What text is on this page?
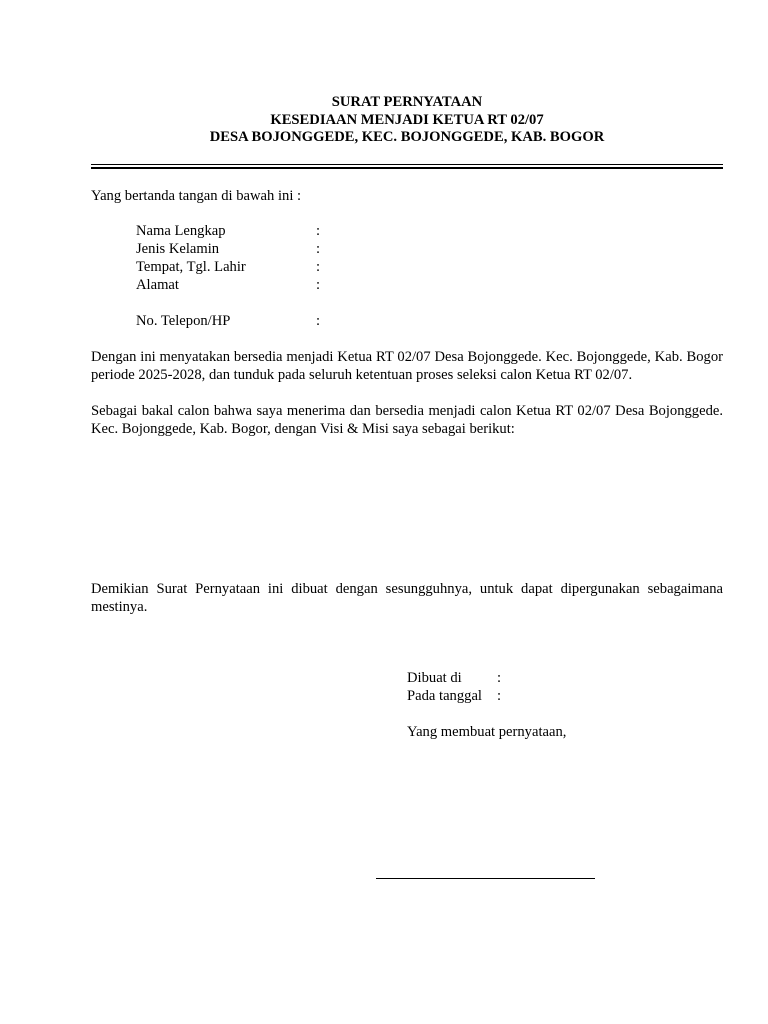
SURAT PERNYATAAN
KESEDIAAN MENJADI KETUA RT 02/07
DESA BOJONGGEDE, KEC. BOJONGGEDE, KAB. BOGOR
Yang bertanda tangan di bawah ini :
Nama Lengkap	:
Jenis Kelamin	:
Tempat, Tgl. Lahir	:
Alamat	:
No. Telepon/HP	:
Dengan ini menyatakan bersedia menjadi Ketua RT 02/07 Desa Bojonggede. Kec. Bojonggede, Kab. Bogor periode 2025-2028, dan tunduk pada seluruh ketentuan proses seleksi calon Ketua RT 02/07.
Sebagai bakal calon bahwa saya menerima dan bersedia menjadi calon Ketua RT 02/07 Desa Bojonggede. Kec. Bojonggede, Kab. Bogor, dengan Visi & Misi saya sebagai berikut:
Demikian Surat Pernyataan ini dibuat dengan sesungguhnya, untuk dapat dipergunakan sebagaimana mestinya.
Dibuat di	:
Pada tanggal	:
Yang membuat pernyataan,
